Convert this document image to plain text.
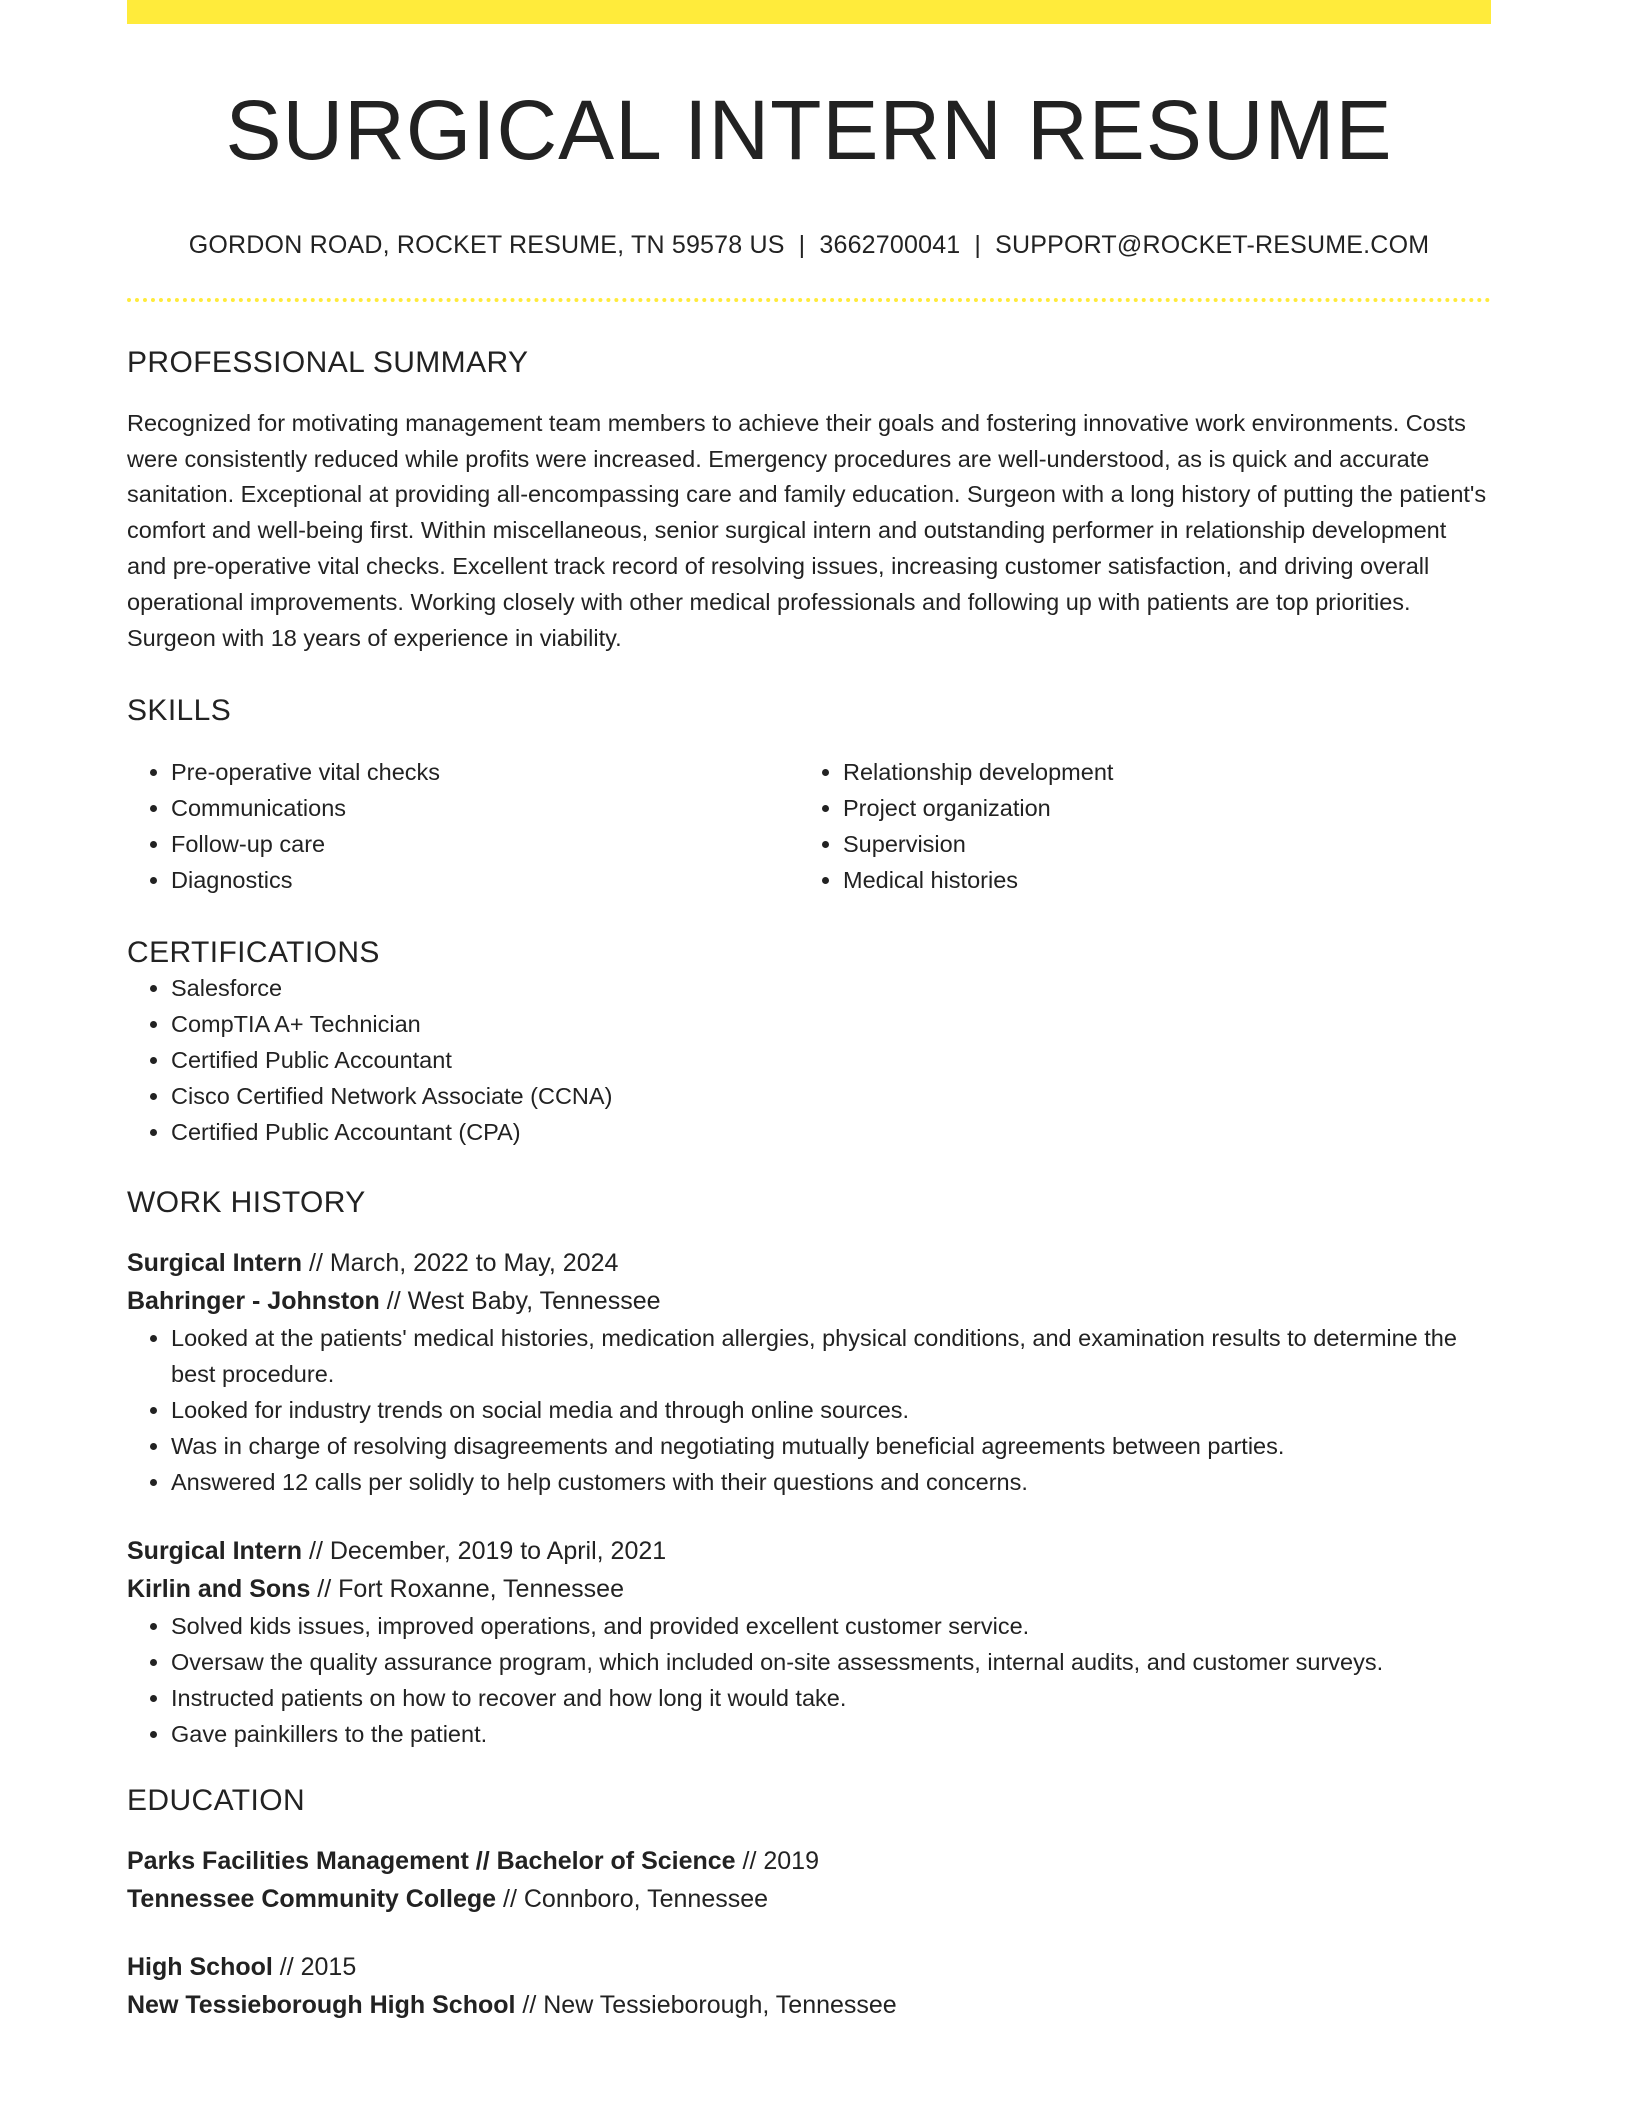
SURGICAL INTERN RESUME
GORDON ROAD, ROCKET RESUME, TN 59578 US | 3662700041 | SUPPORT@ROCKET-RESUME.COM
PROFESSIONAL SUMMARY

Recognized for motivating management team members to achieve their goals and fostering innovative work environments. Costs were consistently reduced while profits were increased. Emergency procedures are well-understood, as is quick and accurate sanitation. Exceptional at providing all-encompassing care and family education. Surgeon with a long history of putting the patient's comfort and well-being first. Within miscellaneous, senior surgical intern and outstanding performer in relationship development and pre-operative vital checks. Excellent track record of resolving issues, increasing customer satisfaction, and driving overall operational improvements. Working closely with other medical professionals and following up with patients are top priorities. Surgeon with 18 years of experience in viability.

SKILLS
• Pre-operative vital checks
• Communications
• Follow-up care
• Diagnostics
• Relationship development
• Project organization
• Supervision
• Medical histories
CERTIFICATIONS
• Salesforce
• CompTIA A+ Technician
• Certified Public Accountant
• Cisco Certified Network Associate (CCNA)
• Certified Public Accountant (CPA)
WORK HISTORY
Surgical Intern // March, 2022 to May, 2024
Bahringer - Johnston // West Baby, Tennessee
• Looked at the patients' medical histories, medication allergies, physical conditions, and examination results to determine the best procedure.
• Looked for industry trends on social media and through online sources.
• Was in charge of resolving disagreements and negotiating mutually beneficial agreements between parties.
• Answered 12 calls per solidly to help customers with their questions and concerns.
Surgical Intern // December, 2019 to April, 2021
Kirlin and Sons // Fort Roxanne, Tennessee
• Solved kids issues, improved operations, and provided excellent customer service.
• Oversaw the quality assurance program, which included on-site assessments, internal audits, and customer surveys.
• Instructed patients on how to recover and how long it would take.
• Gave painkillers to the patient.
EDUCATION
Parks Facilities Management // Bachelor of Science // 2019
Tennessee Community College // Connboro, Tennessee
High School // 2015
New Tessieborough High School // New Tessieborough, Tennessee
